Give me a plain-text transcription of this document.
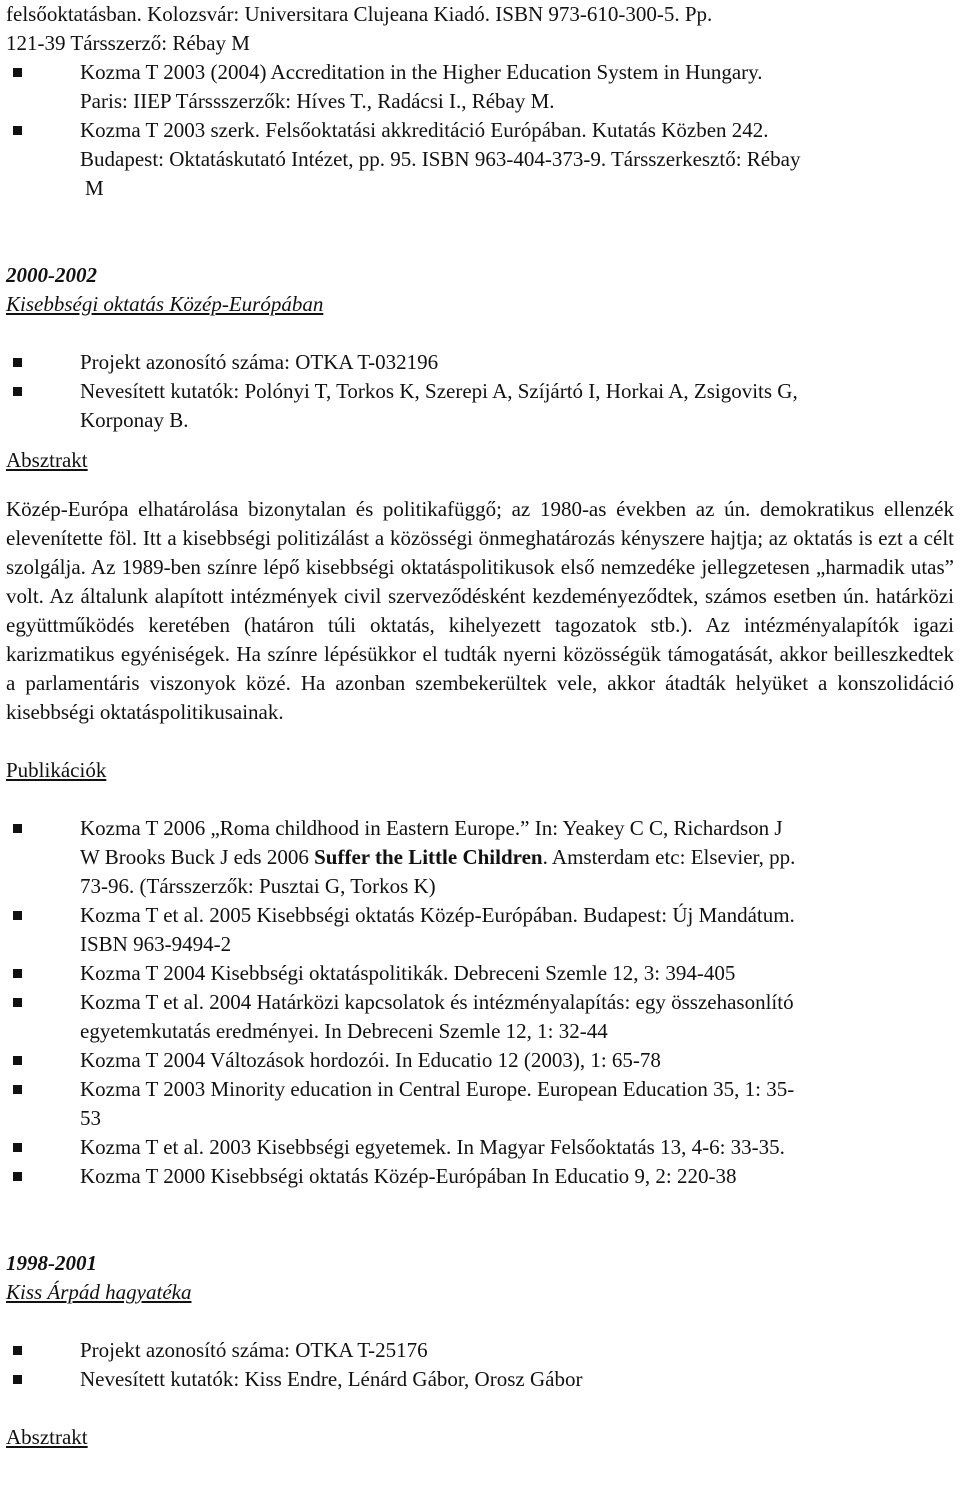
felsőoktatásban. Kolozsvár: Universitara Clujeana Kiadó. ISBN 973-610-300-5. Pp.
121-39 Társszerző: Rébay M
Kozma T 2003 (2004) Accreditation in the Higher Education System in Hungary.
Paris: IIEP Társsszerzők: Híves T., Radácsi I., Rébay M.
Kozma T 2003 szerk. Felsőoktatási akkreditáció Európában. Kutatás Közben 242.
Budapest: Oktatáskutató Intézet, pp. 95. ISBN 963-404-373-9. Társszerkesztő: Rébay
M
2000-2002
Kisebbségi oktatás Közép-Európában
Projekt azonosító száma: OTKA T-032196
Nevesített kutatók: Polónyi T, Torkos K, Szerepi A, Szíjártó I, Horkai A, Zsigovits G,
Korponay B.
Absztrakt
Közép-Európa elhatárolása bizonytalan és politikafüggő; az 1980-as években az ún. demokratikus ellenzék elevenítette föl. Itt a kisebbségi politizálást a közösségi önmeghatározás kényszere hajtja; az oktatás is ezt a célt szolgálja. Az 1989-ben színre lépő kisebbségi oktatáspolitikusok első nemzedéke jellegzetesen „harmadik utas” volt. Az általunk alapított intézmények civil szerveződésként kezdeményeződtek, számos esetben ún. határközi együttműködés keretében (határon túli oktatás, kihelyezett tagozatok stb.). Az intézményalapítók igazi karizmatikus egyéniségek. Ha színre lépésükkor el tudták nyerni közösségük támogatását, akkor beilleszkedtek a parlamentáris viszonyok közé. Ha azonban szembekerültek vele, akkor átadták helyüket a konszolidáció kisebbségi oktatáspolitikusainak.
Publikációk
Kozma T 2006 „Roma childhood in Eastern Europe.” In: Yeakey C C, Richardson J
W Brooks Buck J eds 2006 Suffer the Little Children. Amsterdam etc: Elsevier, pp.
73-96. (Társszerzők: Pusztai G, Torkos K)
Kozma T et al. 2005 Kisebbségi oktatás Közép-Európában. Budapest: Új Mandátum.
ISBN 963-9494-2
Kozma T 2004 Kisebbségi oktatáspolitikák. Debreceni Szemle 12, 3: 394-405
Kozma T et al. 2004 Határközi kapcsolatok és intézményalapítás: egy összehasonlító
egyetemkutatás eredményei. In Debreceni Szemle 12, 1: 32-44
Kozma T 2004 Változások hordozói. In Educatio 12 (2003), 1: 65-78
Kozma T 2003 Minority education in Central Europe. European Education 35, 1: 35-
53
Kozma T et al. 2003 Kisebbségi egyetemek. In Magyar Felsőoktatás 13, 4-6: 33-35.
Kozma T 2000 Kisebbségi oktatás Közép-Európában In Educatio 9, 2: 220-38
1998-2001
Kiss Árpád hagyatéka
Projekt azonosító száma: OTKA T-25176
Nevesített kutatók: Kiss Endre, Lénárd Gábor, Orosz Gábor
Absztrakt
